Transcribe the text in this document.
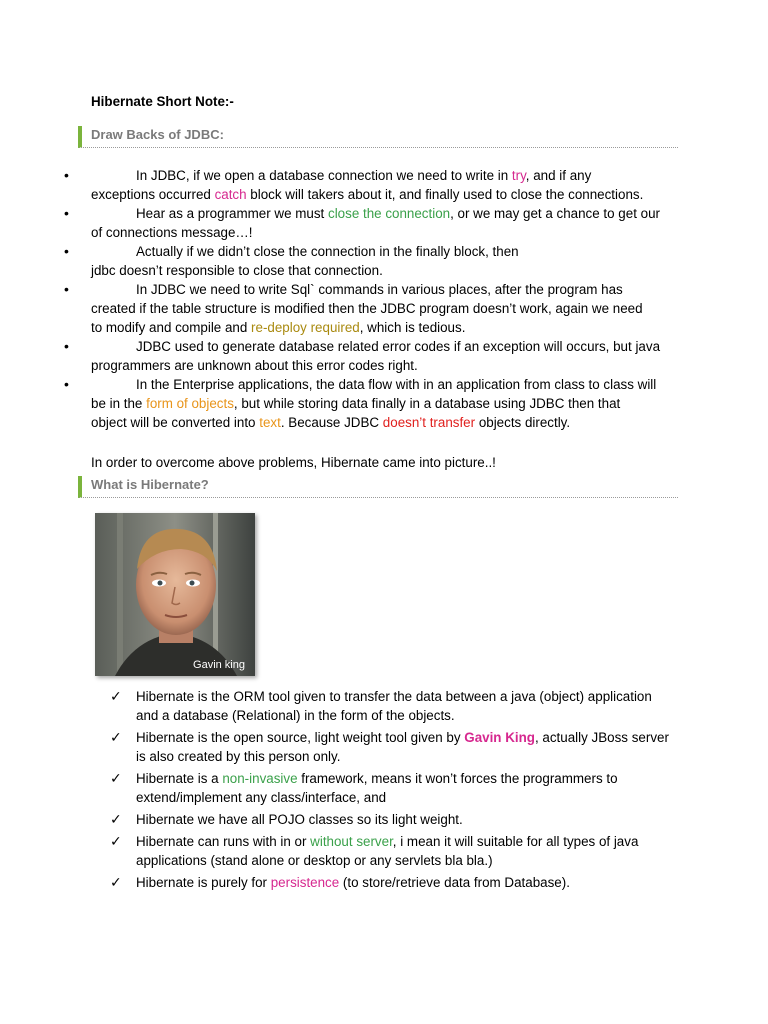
Hibernate Short Note:-
Draw Backs of JDBC:
•	In JDBC, if we open a database connection we need to write in try, and if any
exceptions occurred catch block will takers about it, and finally used to close the connections.
•	Hear as a programmer we must close the connection, or we may get a chance to get our
of connections message…!
•	Actually if we didn’t close the connection in the finally block, then
jdbc doesn’t responsible to close that connection.
•	In JDBC we need to write Sql` commands in various places, after the program has
created if the table structure is modified then the JDBC program doesn’t work, again we need
to modify and compile and re-deploy required, which is tedious.
•	JDBC used to generate database related error codes if an exception will occurs, but java
programmers are unknown about this error codes right.
•	In the Enterprise applications, the data flow with in an application from class to class will
be in the form of objects, but while storing data finally in a database using JDBC then that
object will be converted into text. Because JDBC doesn’t transfer objects directly.
In order to overcome above problems, Hibernate came into picture..!
What is Hibernate?
Gavin king
✓ Hibernate is the ORM tool given to transfer the data between a java (object) application
and a database (Relational) in the form of the objects.
✓ Hibernate is the open source, light weight tool given by Gavin King, actually JBoss server
is also created by this person only.
✓ Hibernate is a non-invasive framework, means it won’t forces the programmers to
extend/implement any class/interface, and
✓ Hibernate we have all POJO classes so its light weight.
✓ Hibernate can runs with in or without server, i mean it will suitable for all types of java
applications (stand alone or desktop or any servlets bla bla.)
✓ Hibernate is purely for persistence (to store/retrieve data from Database).
